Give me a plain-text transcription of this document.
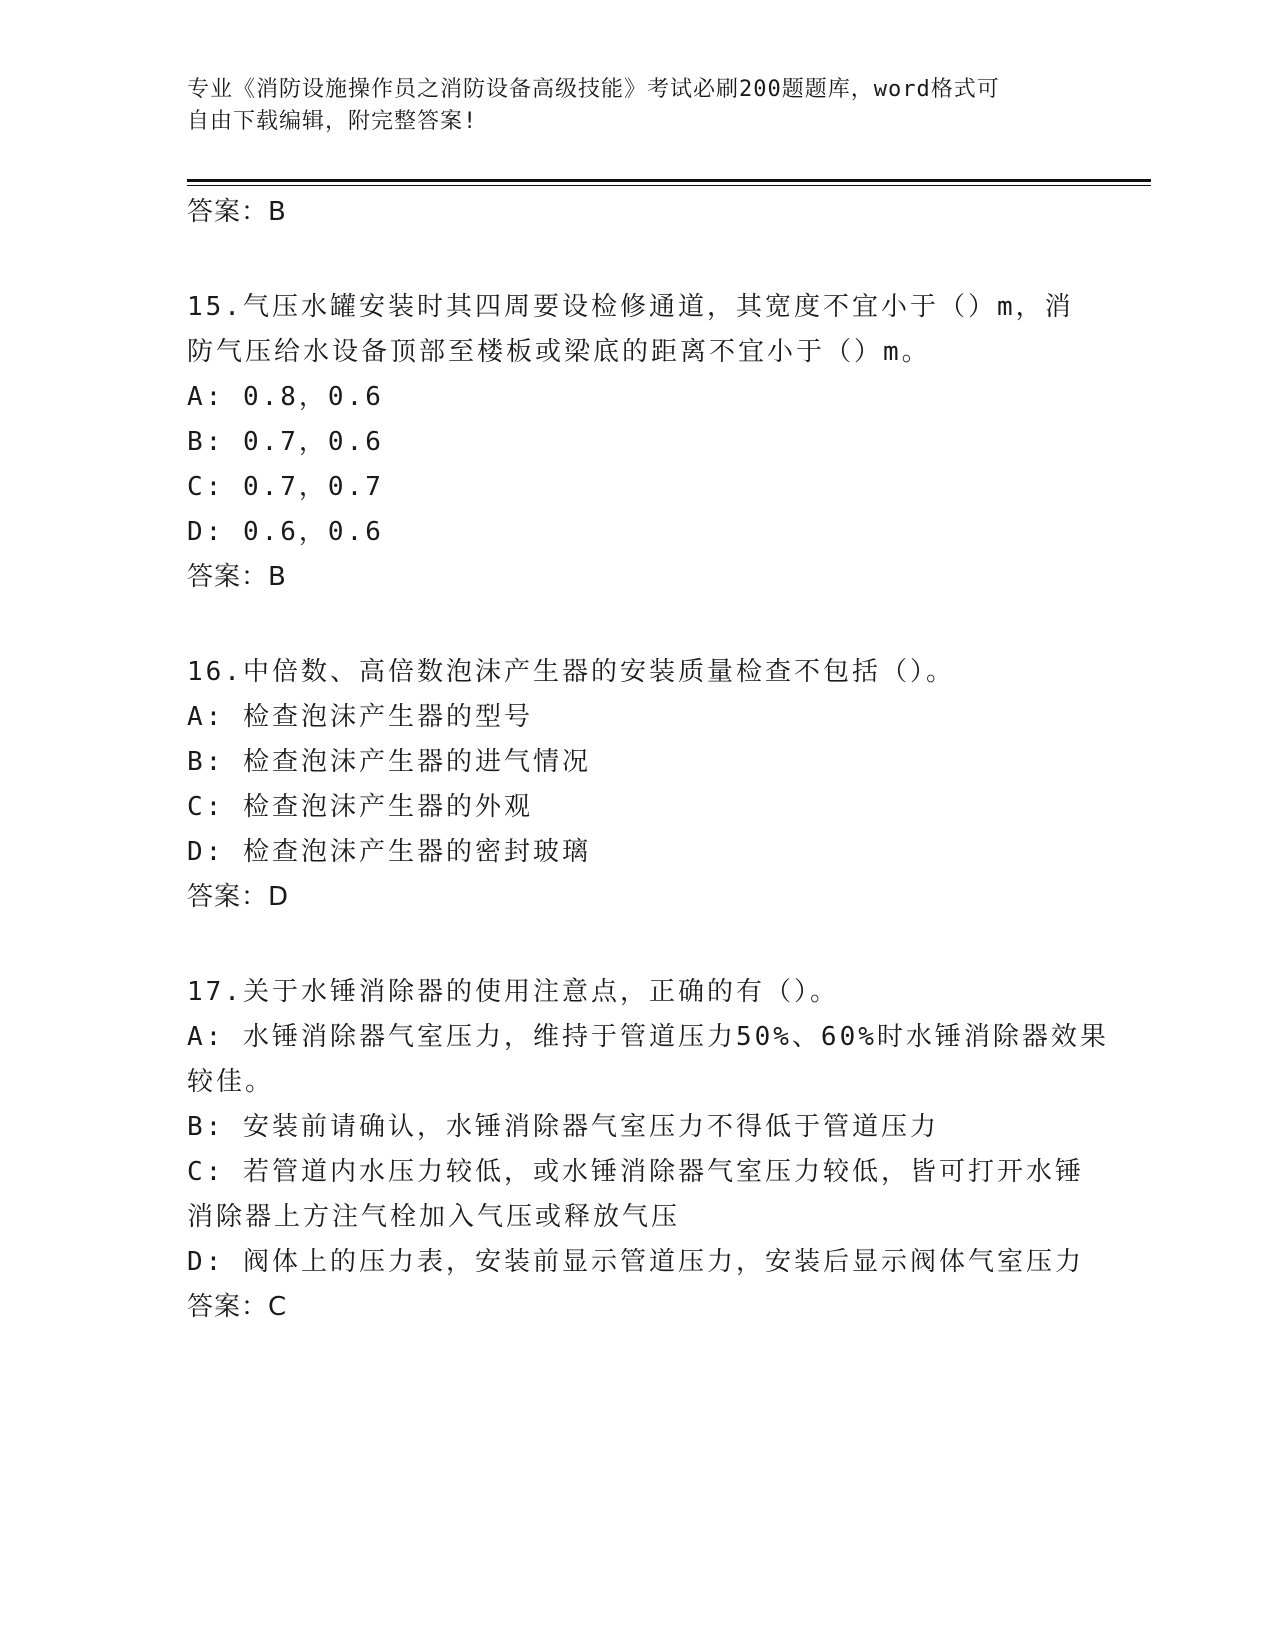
专业《消防设施操作员之消防设备高级技能》考试必刷200题题库，word格式可
自由下载编辑，附完整答案!
答案：B
15.气压水罐安装时其四周要设检修通道，其宽度不宜小于（）m，消
防气压给水设备顶部至楼板或梁底的距离不宜小于（）m。
A: 0.8，0.6
B: 0.7，0.6
C: 0.7，0.7
D: 0.6，0.6
答案：B
16.中倍数、高倍数泡沫产生器的安装质量检查不包括（）。
A: 检查泡沫产生器的型号
B: 检查泡沫产生器的进气情况
C: 检查泡沫产生器的外观
D: 检查泡沫产生器的密封玻璃
答案：D
17.关于水锤消除器的使用注意点，正确的有（）。
A: 水锤消除器气室压力，维持于管道压力50%、60%时水锤消除器效果
较佳。
B: 安装前请确认，水锤消除器气室压力不得低于管道压力
C: 若管道内水压力较低，或水锤消除器气室压力较低，皆可打开水锤
消除器上方注气栓加入气压或释放气压
D: 阀体上的压力表，安装前显示管道压力，安装后显示阀体气室压力
答案：C
